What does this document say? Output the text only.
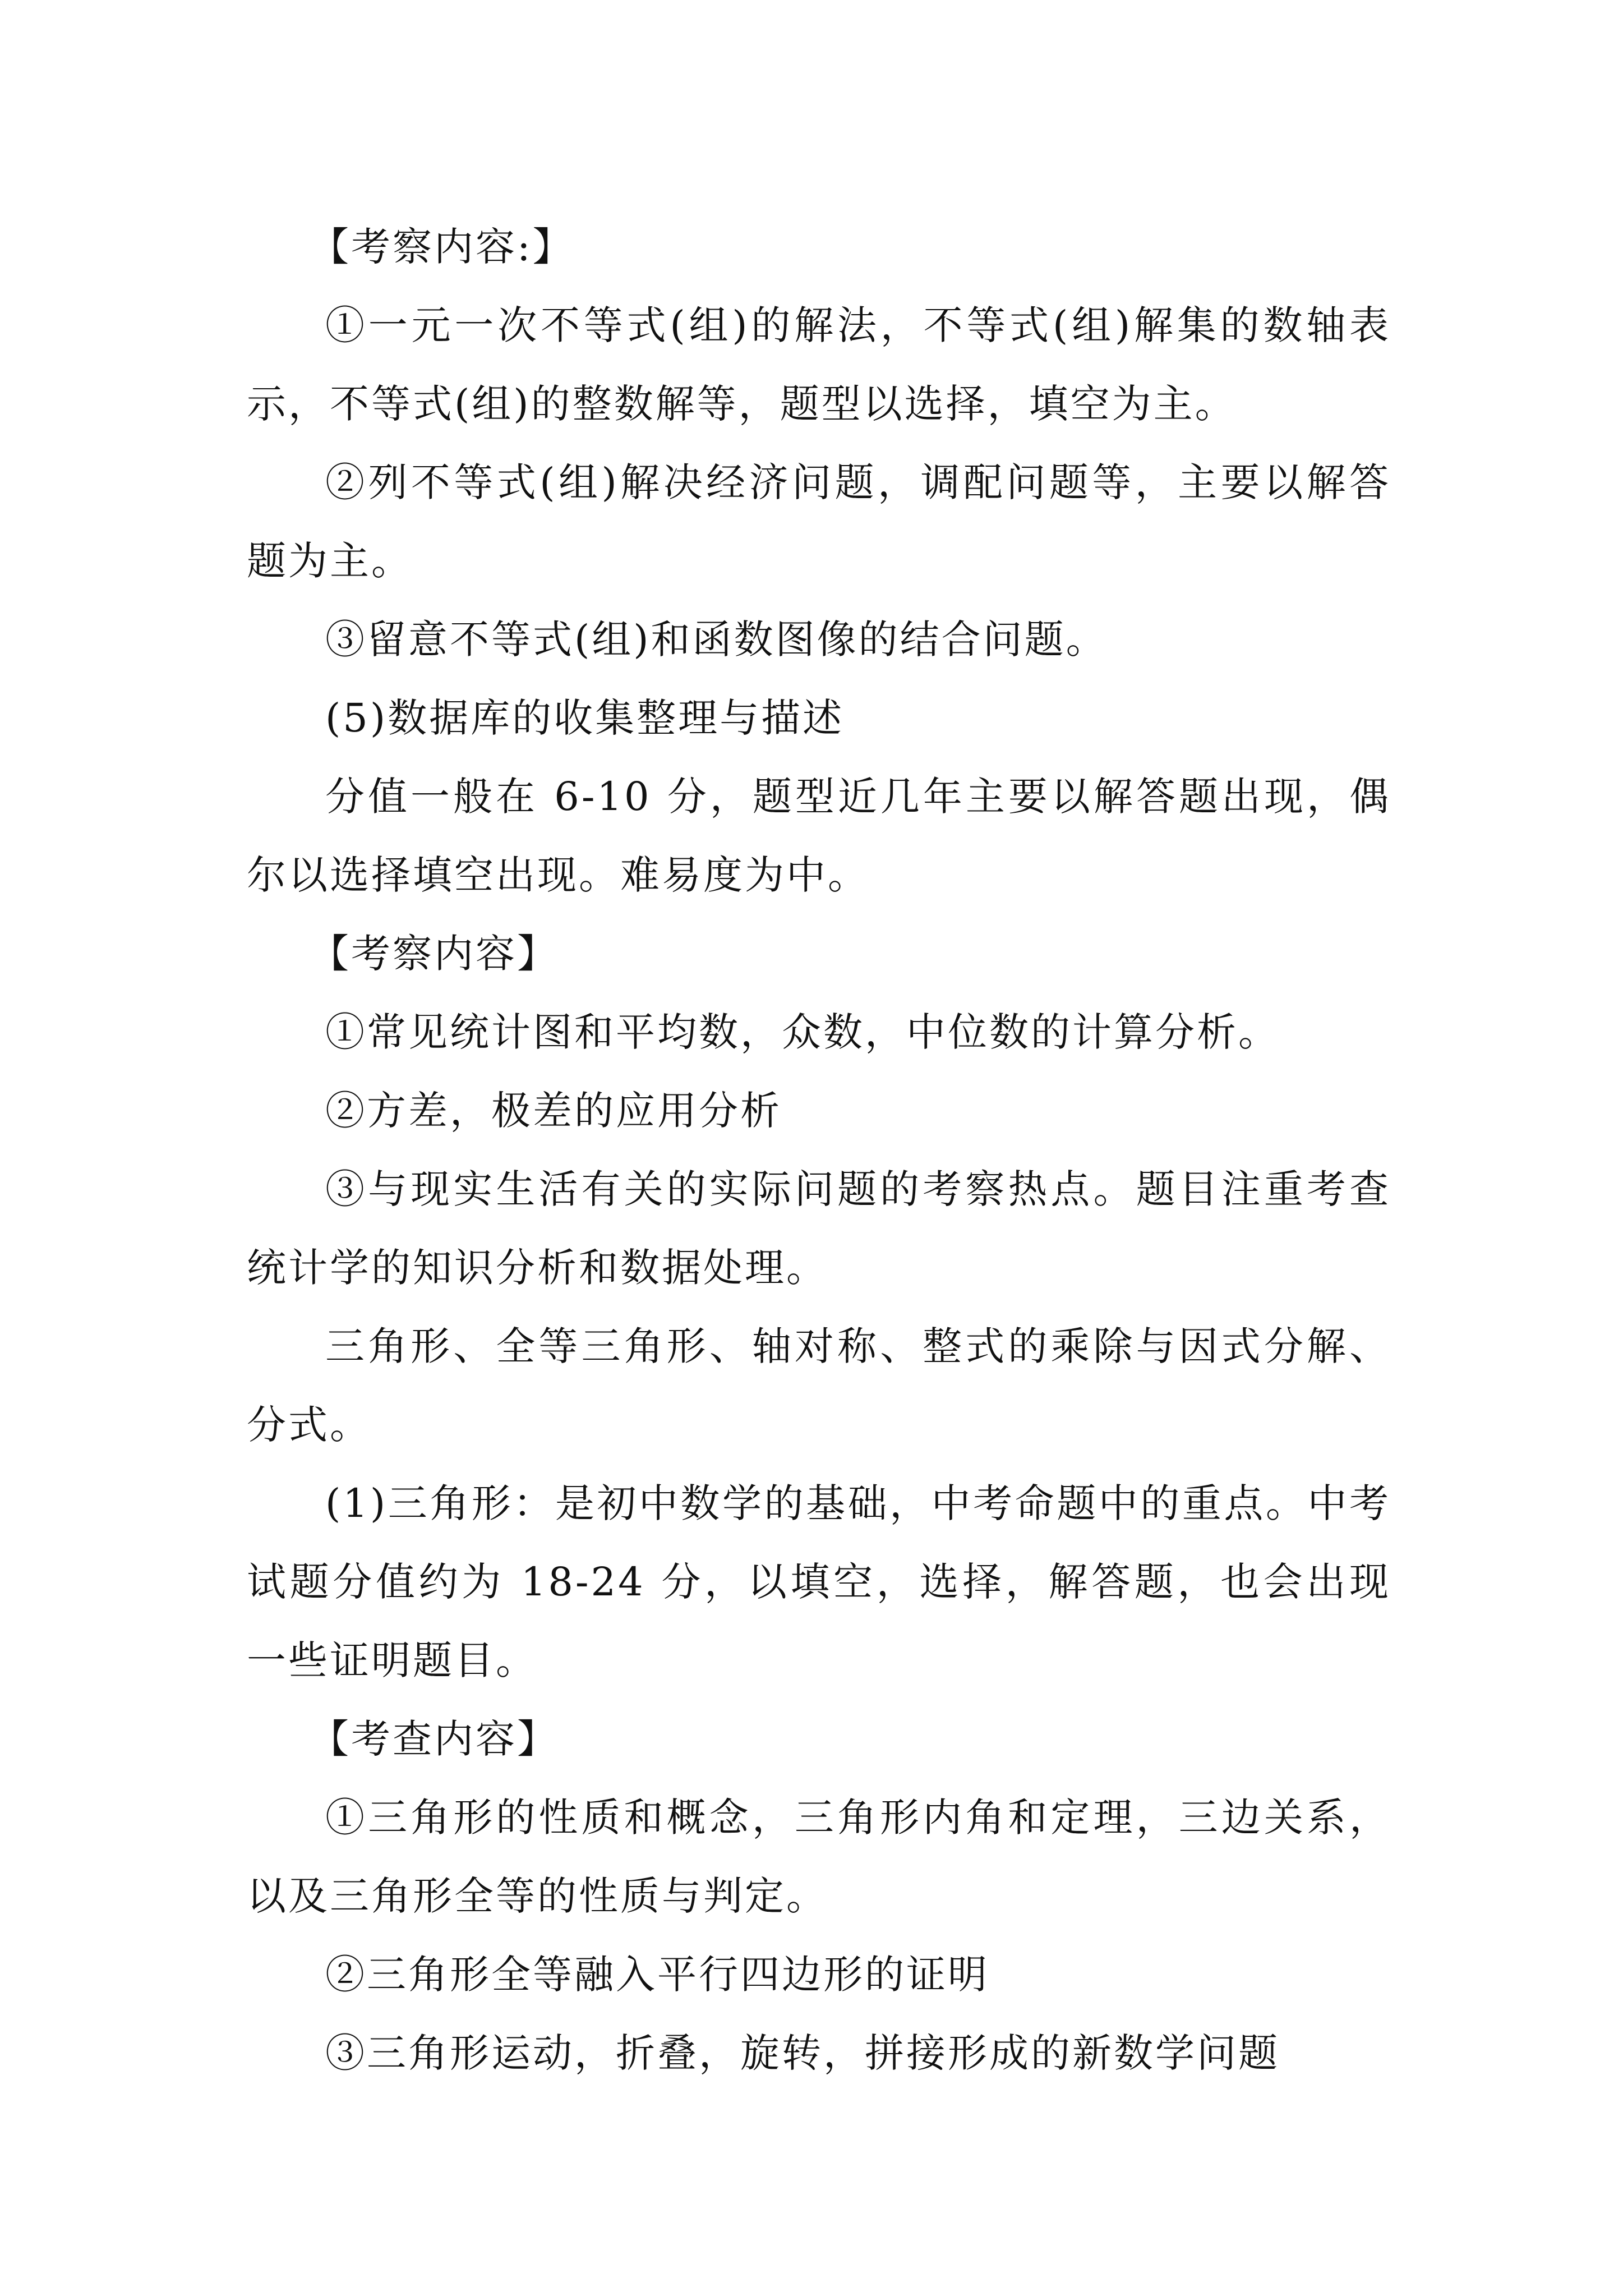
【考察内容:】

①一元一次不等式(组)的解法，不等式(组)解集的数轴表示，不等式(组)的整数解等，题型以选择，填空为主。

②列不等式(组)解决经济问题，调配问题等，主要以解答题为主。

③留意不等式(组)和函数图像的结合问题。

(5)数据库的收集整理与描述

分值一般在 6-10 分，题型近几年主要以解答题出现，偶尔以选择填空出现。难易度为中。

【考察内容】

①常见统计图和平均数，众数，中位数的计算分析。

②方差，极差的应用分析

③与现实生活有关的实际问题的考察热点。题目注重考查统计学的知识分析和数据处理。

三角形、全等三角形、轴对称、整式的乘除与因式分解、分式。

(1)三角形：是初中数学的基础，中考命题中的重点。中考试题分值约为 18-24 分，以填空，选择，解答题，也会出现一些证明题目。

【考查内容】

①三角形的性质和概念，三角形内角和定理，三边关系，以及三角形全等的性质与判定。

②三角形全等融入平行四边形的证明

③三角形运动，折叠，旋转，拼接形成的新数学问题
